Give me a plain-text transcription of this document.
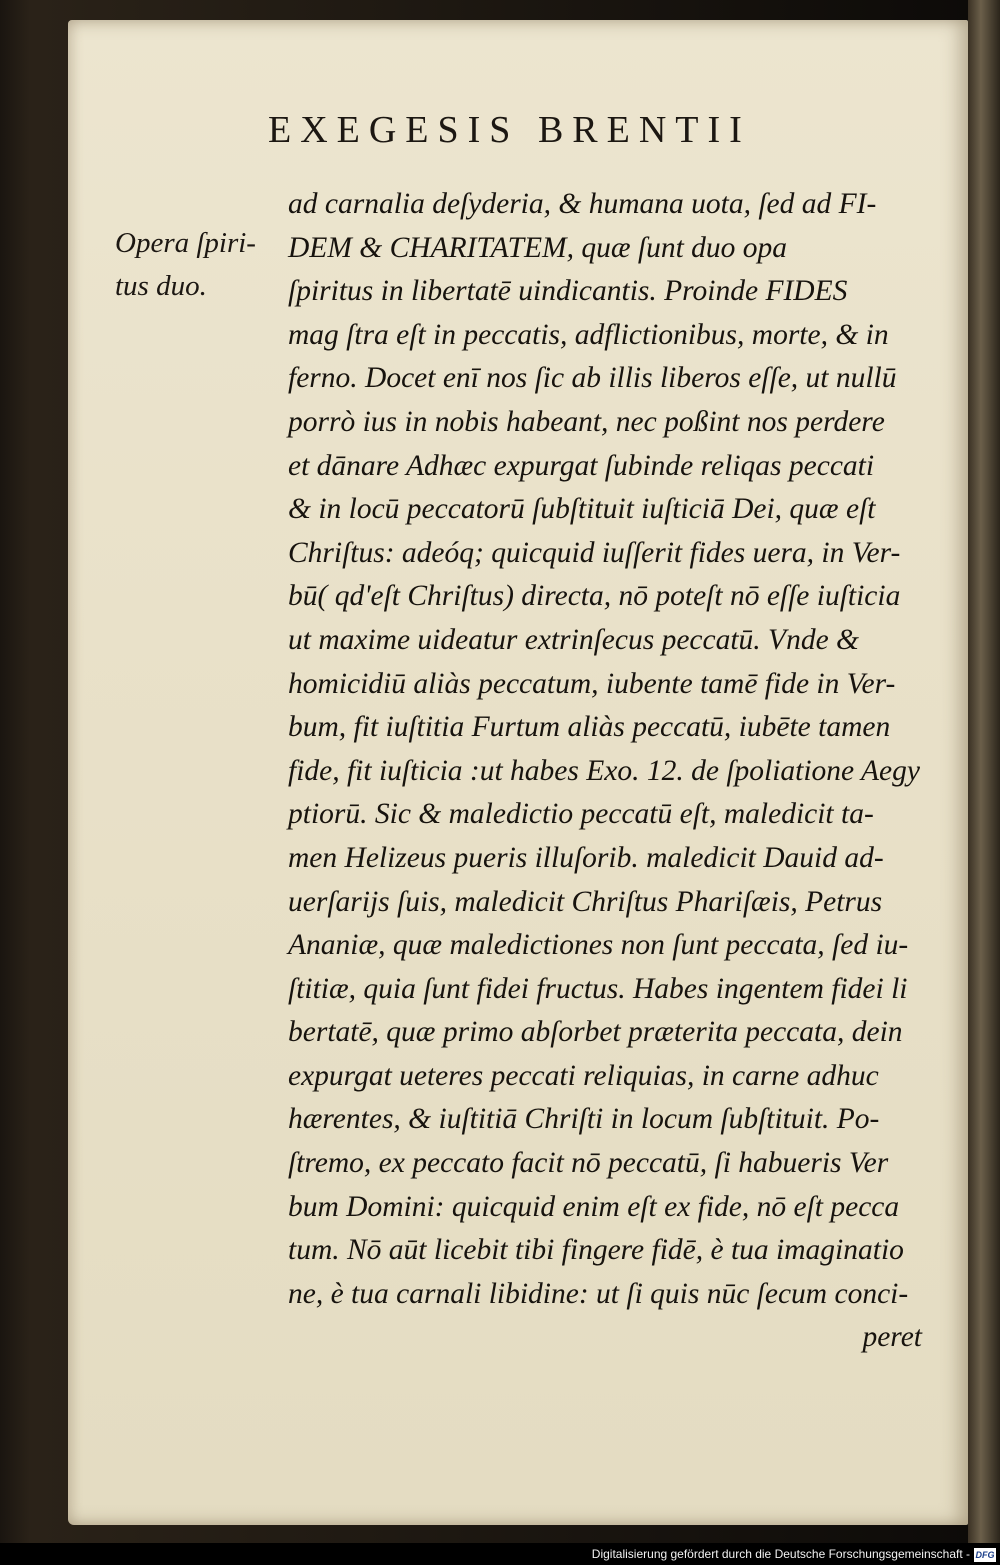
EXEGESIS BRENTII
Opera ſpiri-
tus duo.
ad carnalia deſyderia, & humana uota, ſed ad FI-
DEM & CHARITATEM, quæ ſunt duo opa
ſpiritus in libertatē uindicantis. Proinde FIDES
mag ſtra eſt in peccatis, adflictionibus, morte, & in
ferno. Docet enī nos ſic ab illis liberos eſſe, ut nullū
porrò ius in nobis habeant, nec poßint nos perdere
et dānare Adhæc expurgat ſubinde reliqas peccati
& in locū peccatorū ſubſtituit iuſticiā Dei, quæ eſt
Chriſtus: adeóq; quicquid iuſſerit fides uera, in Ver-
bū( qd'eſt Chriſtus) directa, nō poteſt nō eſſe iuſticia
ut maxime uideatur extrinſecus peccatū. Vnde &
homicidiū aliàs peccatum, iubente tamē fide in Ver-
bum, fit iuſtitia Furtum aliàs peccatū, iubēte tamen
fide, fit iuſticia :ut habes Exo. 12. de ſpoliatione Aegy
ptiorū. Sic & maledictio peccatū eſt, maledicit ta-
men Helizeus pueris illuſorib. maledicit Dauid ad-
uerſarijs ſuis, maledicit Chriſtus Phariſæis, Petrus
Ananiæ, quæ maledictiones non ſunt peccata, ſed iu-
ſtitiæ, quia ſunt fidei fructus. Habes ingentem fidei li
bertatē, quæ primo abſorbet præterita peccata, dein
expurgat ueteres peccati reliquias, in carne adhuc
hærentes, & iuſtitiā Chriſti in locum ſubſtituit. Po-
ſtremo, ex peccato facit nō peccatū, ſi habueris Ver
bum Domini: quicquid enim eſt ex fide, nō eſt pecca
tum. Nō aūt licebit tibi fingere fidē, è tua imaginatio
ne, è tua carnali libidine: ut ſi quis nūc ſecum conci-
peret
Digitalisierung gefördert durch die Deutsche Forschungsgemeinschaft - DFG
